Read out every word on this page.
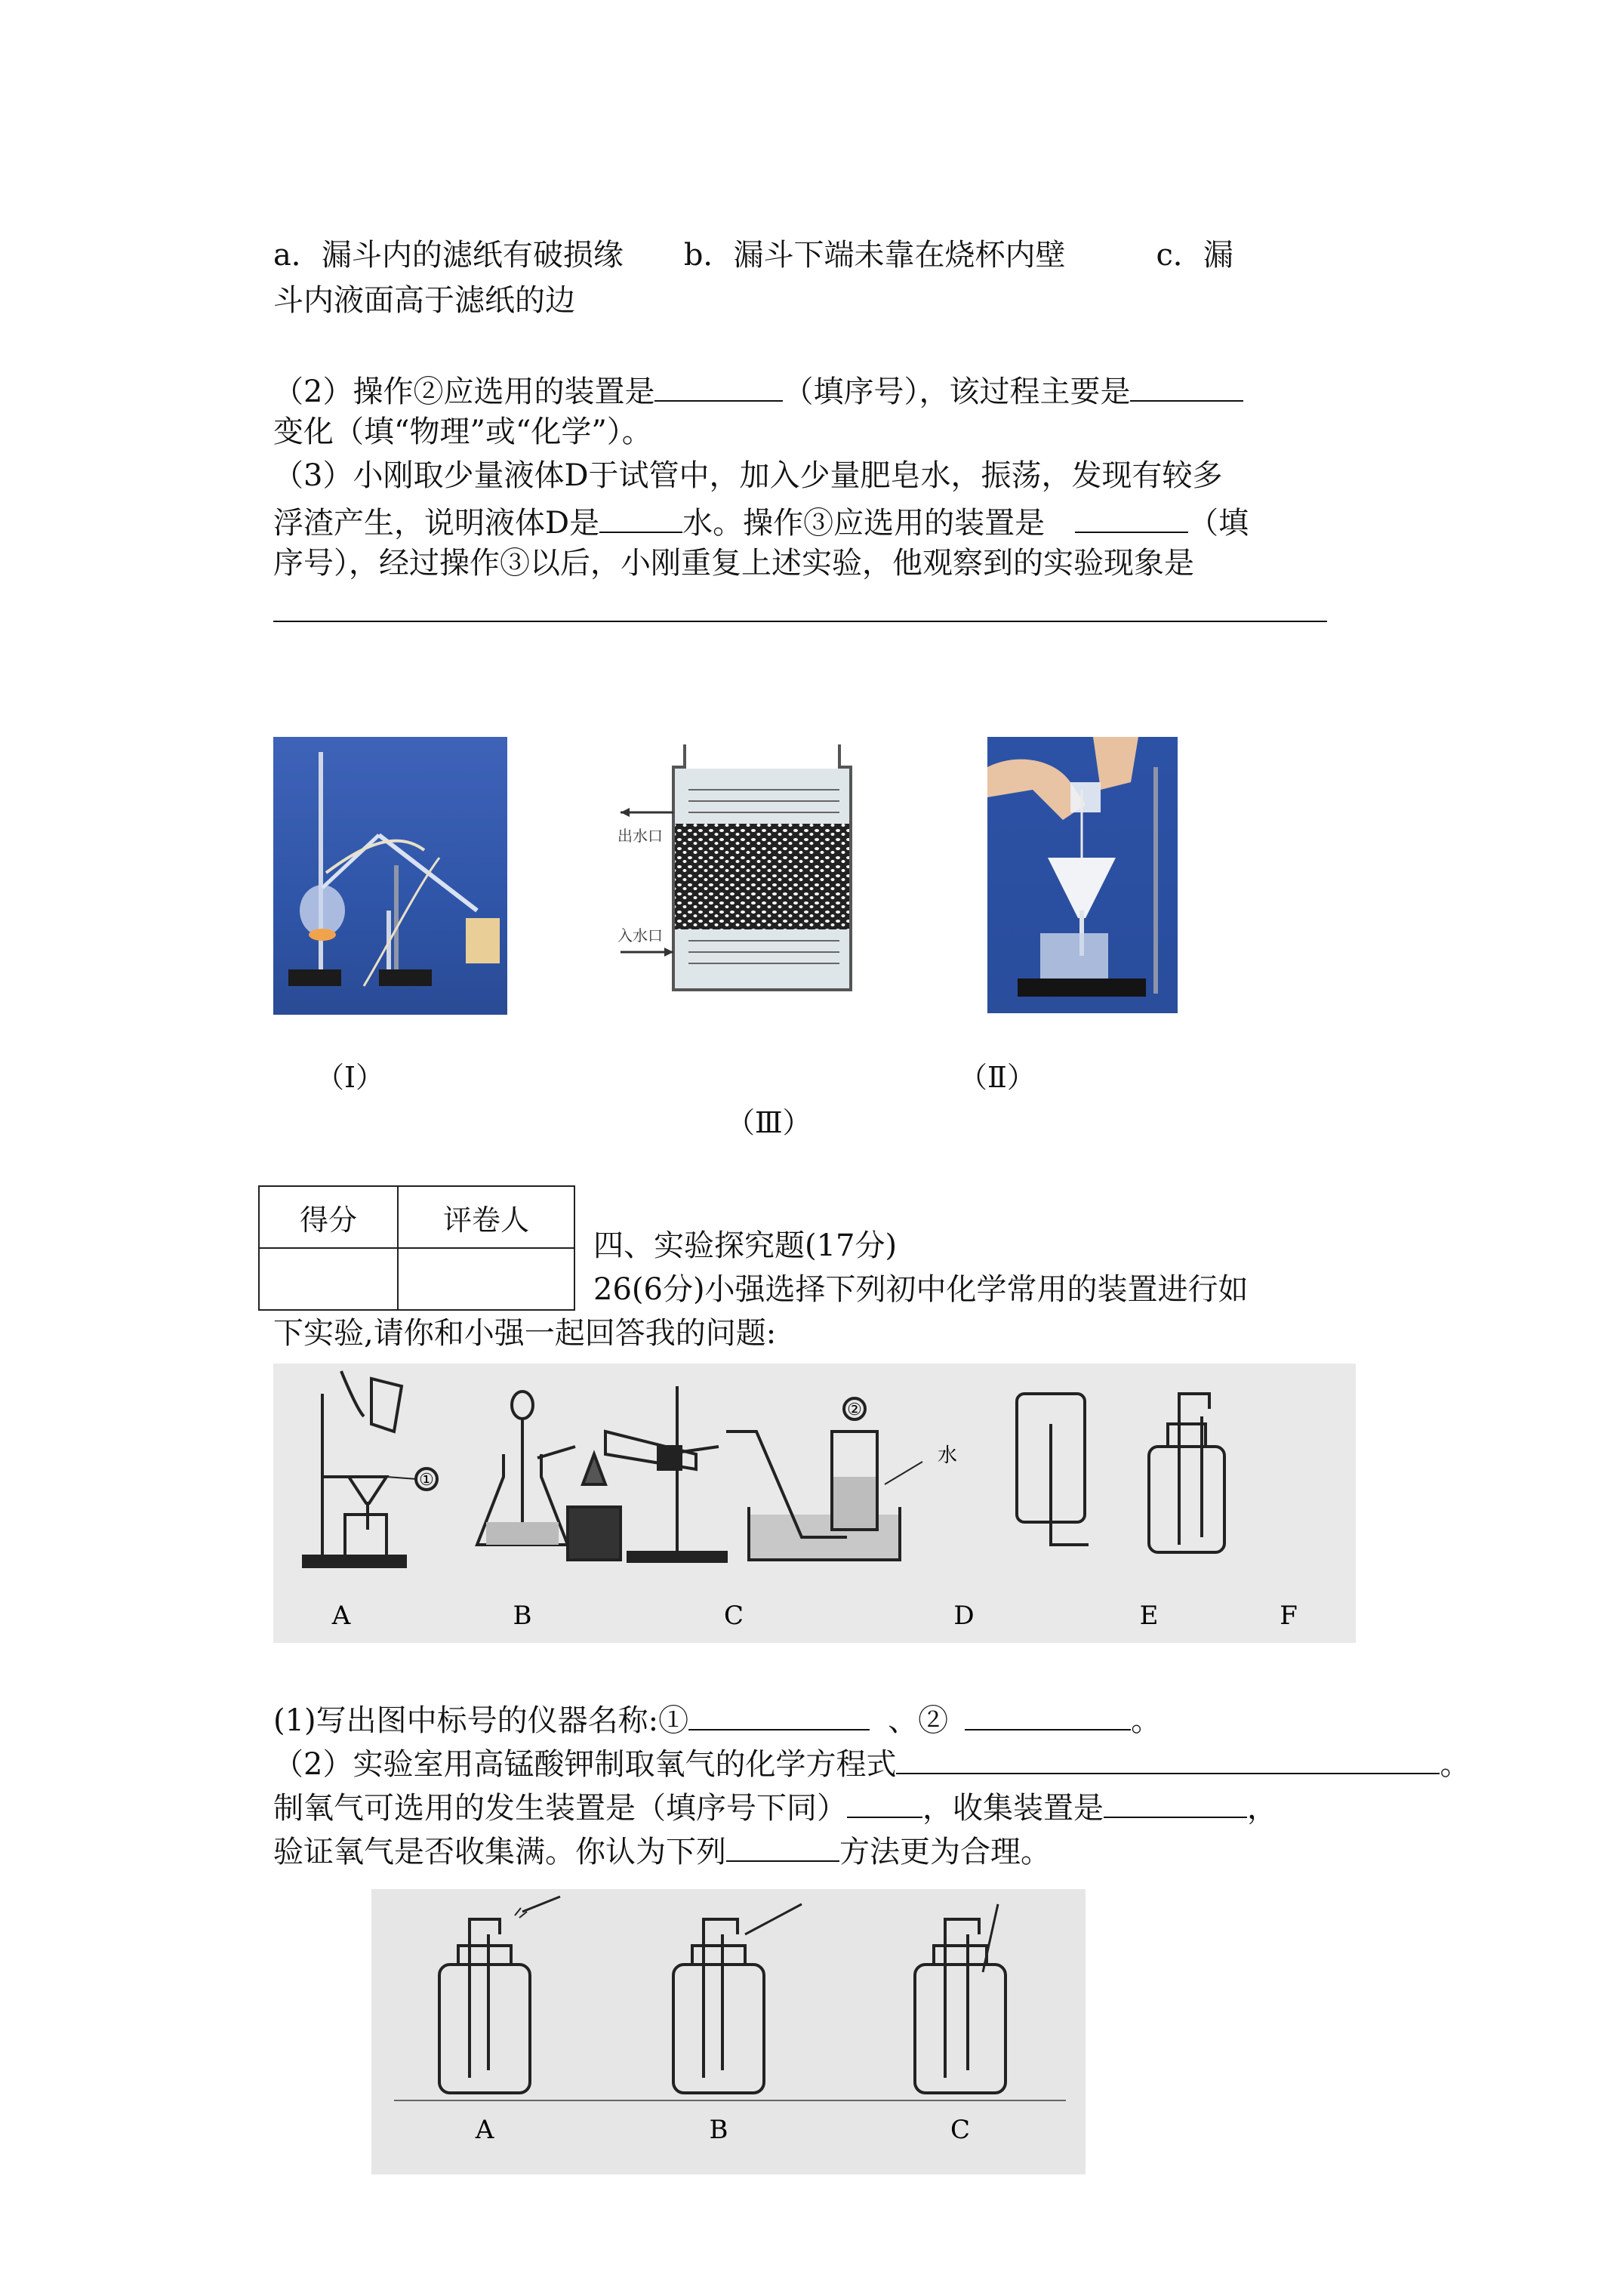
a．漏斗内的滤纸有破损缘　　b．漏斗下端未靠在烧杯内壁　　　c．漏
斗内液面高于滤纸的边
（2）操作②应选用的装置是	（填序号），该过程主要是
变化（填“物理”或“化学”）。
（3）小刚取少量液体D于试管中，加入少量肥皂水，振荡，发现有较多
浮渣产生，说明液体D是	水。操作③应选用的装置是	（填
序号），经过操作③以后，小刚重复上述实验，他观察到的实验现象是
（Ⅰ）
出水口
入水口
（Ⅲ）
（Ⅱ）
得分	评卷人

四、实验探究题(17分)
26(6分)小强选择下列初中化学常用的装置进行如
下实验,请你和小强一起回答我的问题:
①
②
水
A	B	C	D	E	F
(1)写出图中标号的仪器名称:①	、②	。
（2）实验室用高锰酸钾制取氧气的化学方程式	。
制氧气可选用的发生装置是（填序号下同）	，收集装置是	，
验证氧气是否收集满。你认为下列	方法更为合理。
A	B	C
